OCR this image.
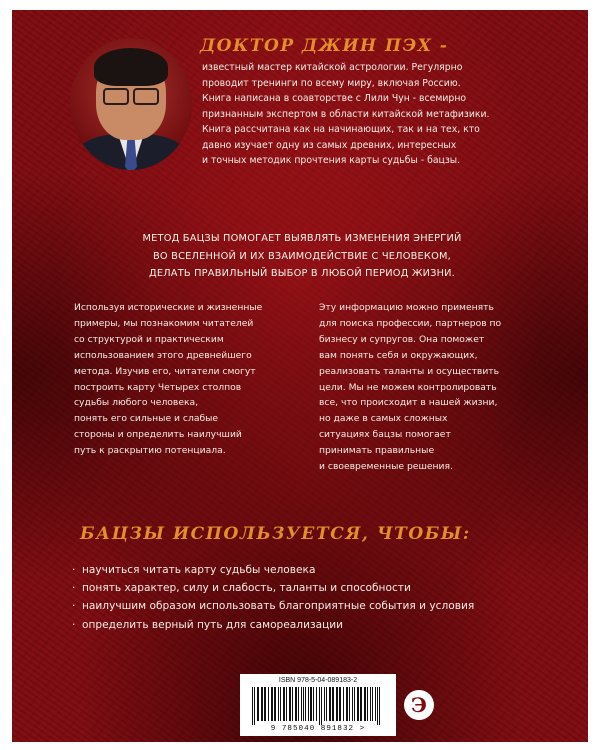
ДОКТОР ДЖИН ПЭХ -
известный мастер китайской астрологии. Регулярно
проводит тренинги по всему миру, включая Россию.
Книга написана в соавторстве с Лили Чун - всемирно
признанным экспертом в области китайской метафизики.
Книга рассчитана как на начинающих, так и на тех, кто
давно изучает одну из самых древних, интересных
и точных методик прочтения карты судьбы - бацзы.
МЕТОД БАЦЗЫ ПОМОГАЕТ ВЫЯВЛЯТЬ ИЗМЕНЕНИЯ ЭНЕРГИЙ
ВО ВСЕЛЕННОЙ И ИХ ВЗАИМОДЕЙСТВИЕ С ЧЕЛОВЕКОМ,
ДЕЛАТЬ ПРАВИЛЬНЫЙ ВЫБОР В ЛЮБОЙ ПЕРИОД ЖИЗНИ.
Используя исторические и жизненные
примеры, мы познакомим читателей
со структурой и практическим
использованием этого древнейшего
метода. Изучив его, читатели смогут
построить карту Четырех столпов
судьбы любого человека,
понять его сильные и слабые
стороны и определить наилучший
путь к раскрытию потенциала.
Эту информацию можно применять
для поиска профессии, партнеров по
бизнесу и супругов. Она поможет
вам понять себя и окружающих,
реализовать таланты и осуществить
цели. Мы не можем контролировать
все, что происходит в нашей жизни,
но даже в самых сложных
ситуациях бацзы помогает
принимать правильные
и своевременные решения.
БАЦЗЫ ИСПОЛЬЗУЕТСЯ, ЧТОБЫ:
· научиться читать карту судьбы человека
· понять характер, силу и слабость, таланты и способности
· наилучшим образом использовать благоприятные события и условия
· определить верный путь для самореализации
ISBN 978-5-04-089183-2
9 785040 891832 >
Э
